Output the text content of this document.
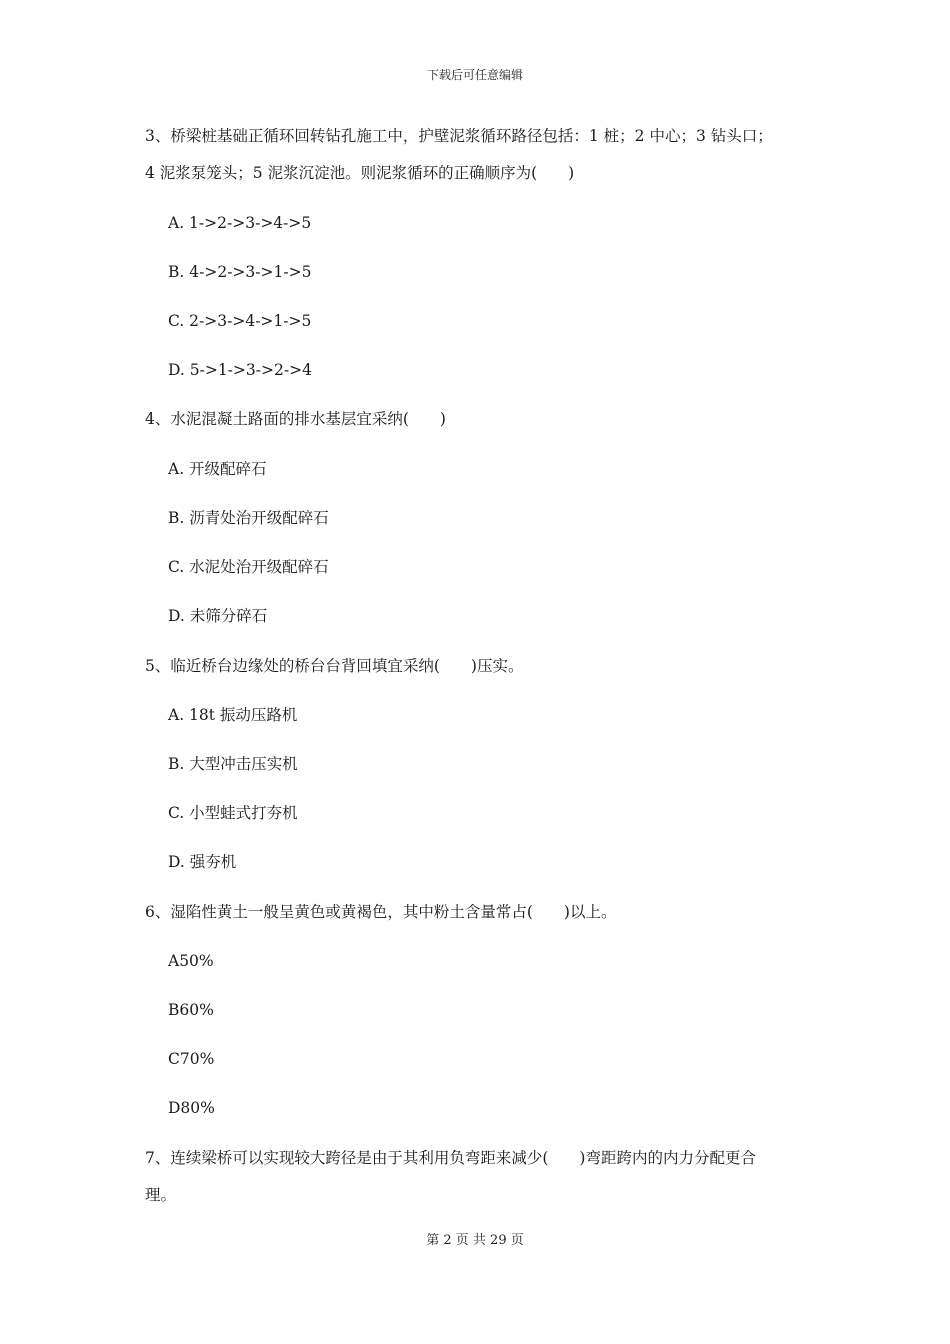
下载后可任意编辑
3、桥梁桩基础正循环回转钻孔施工中，护壁泥浆循环路径包括：1 桩；2 中心；3 钻头口；
4 泥浆泵笼头；5 泥浆沉淀池。则泥浆循环的正确顺序为(　　)
A. 1->2->3->4->5
B. 4->2->3->1->5
C. 2->3->4->1->5
D. 5->1->3->2->4
4、水泥混凝土路面的排水基层宜采纳(　　)
A. 开级配碎石
B. 沥青处治开级配碎石
C. 水泥处治开级配碎石
D. 未筛分碎石
5、临近桥台边缘处的桥台台背回填宜采纳(　　)压实。
A. 18t 振动压路机
B. 大型冲击压实机
C. 小型蛙式打夯机
D. 强夯机
6、湿陷性黄土一般呈黄色或黄褐色，其中粉土含量常占(　　)以上。
A50%
B60%
C70%
D80%
7、连续梁桥可以实现较大跨径是由于其利用负弯距来减少(　　)弯距跨内的内力分配更合
理。
第 2 页 共 29 页
